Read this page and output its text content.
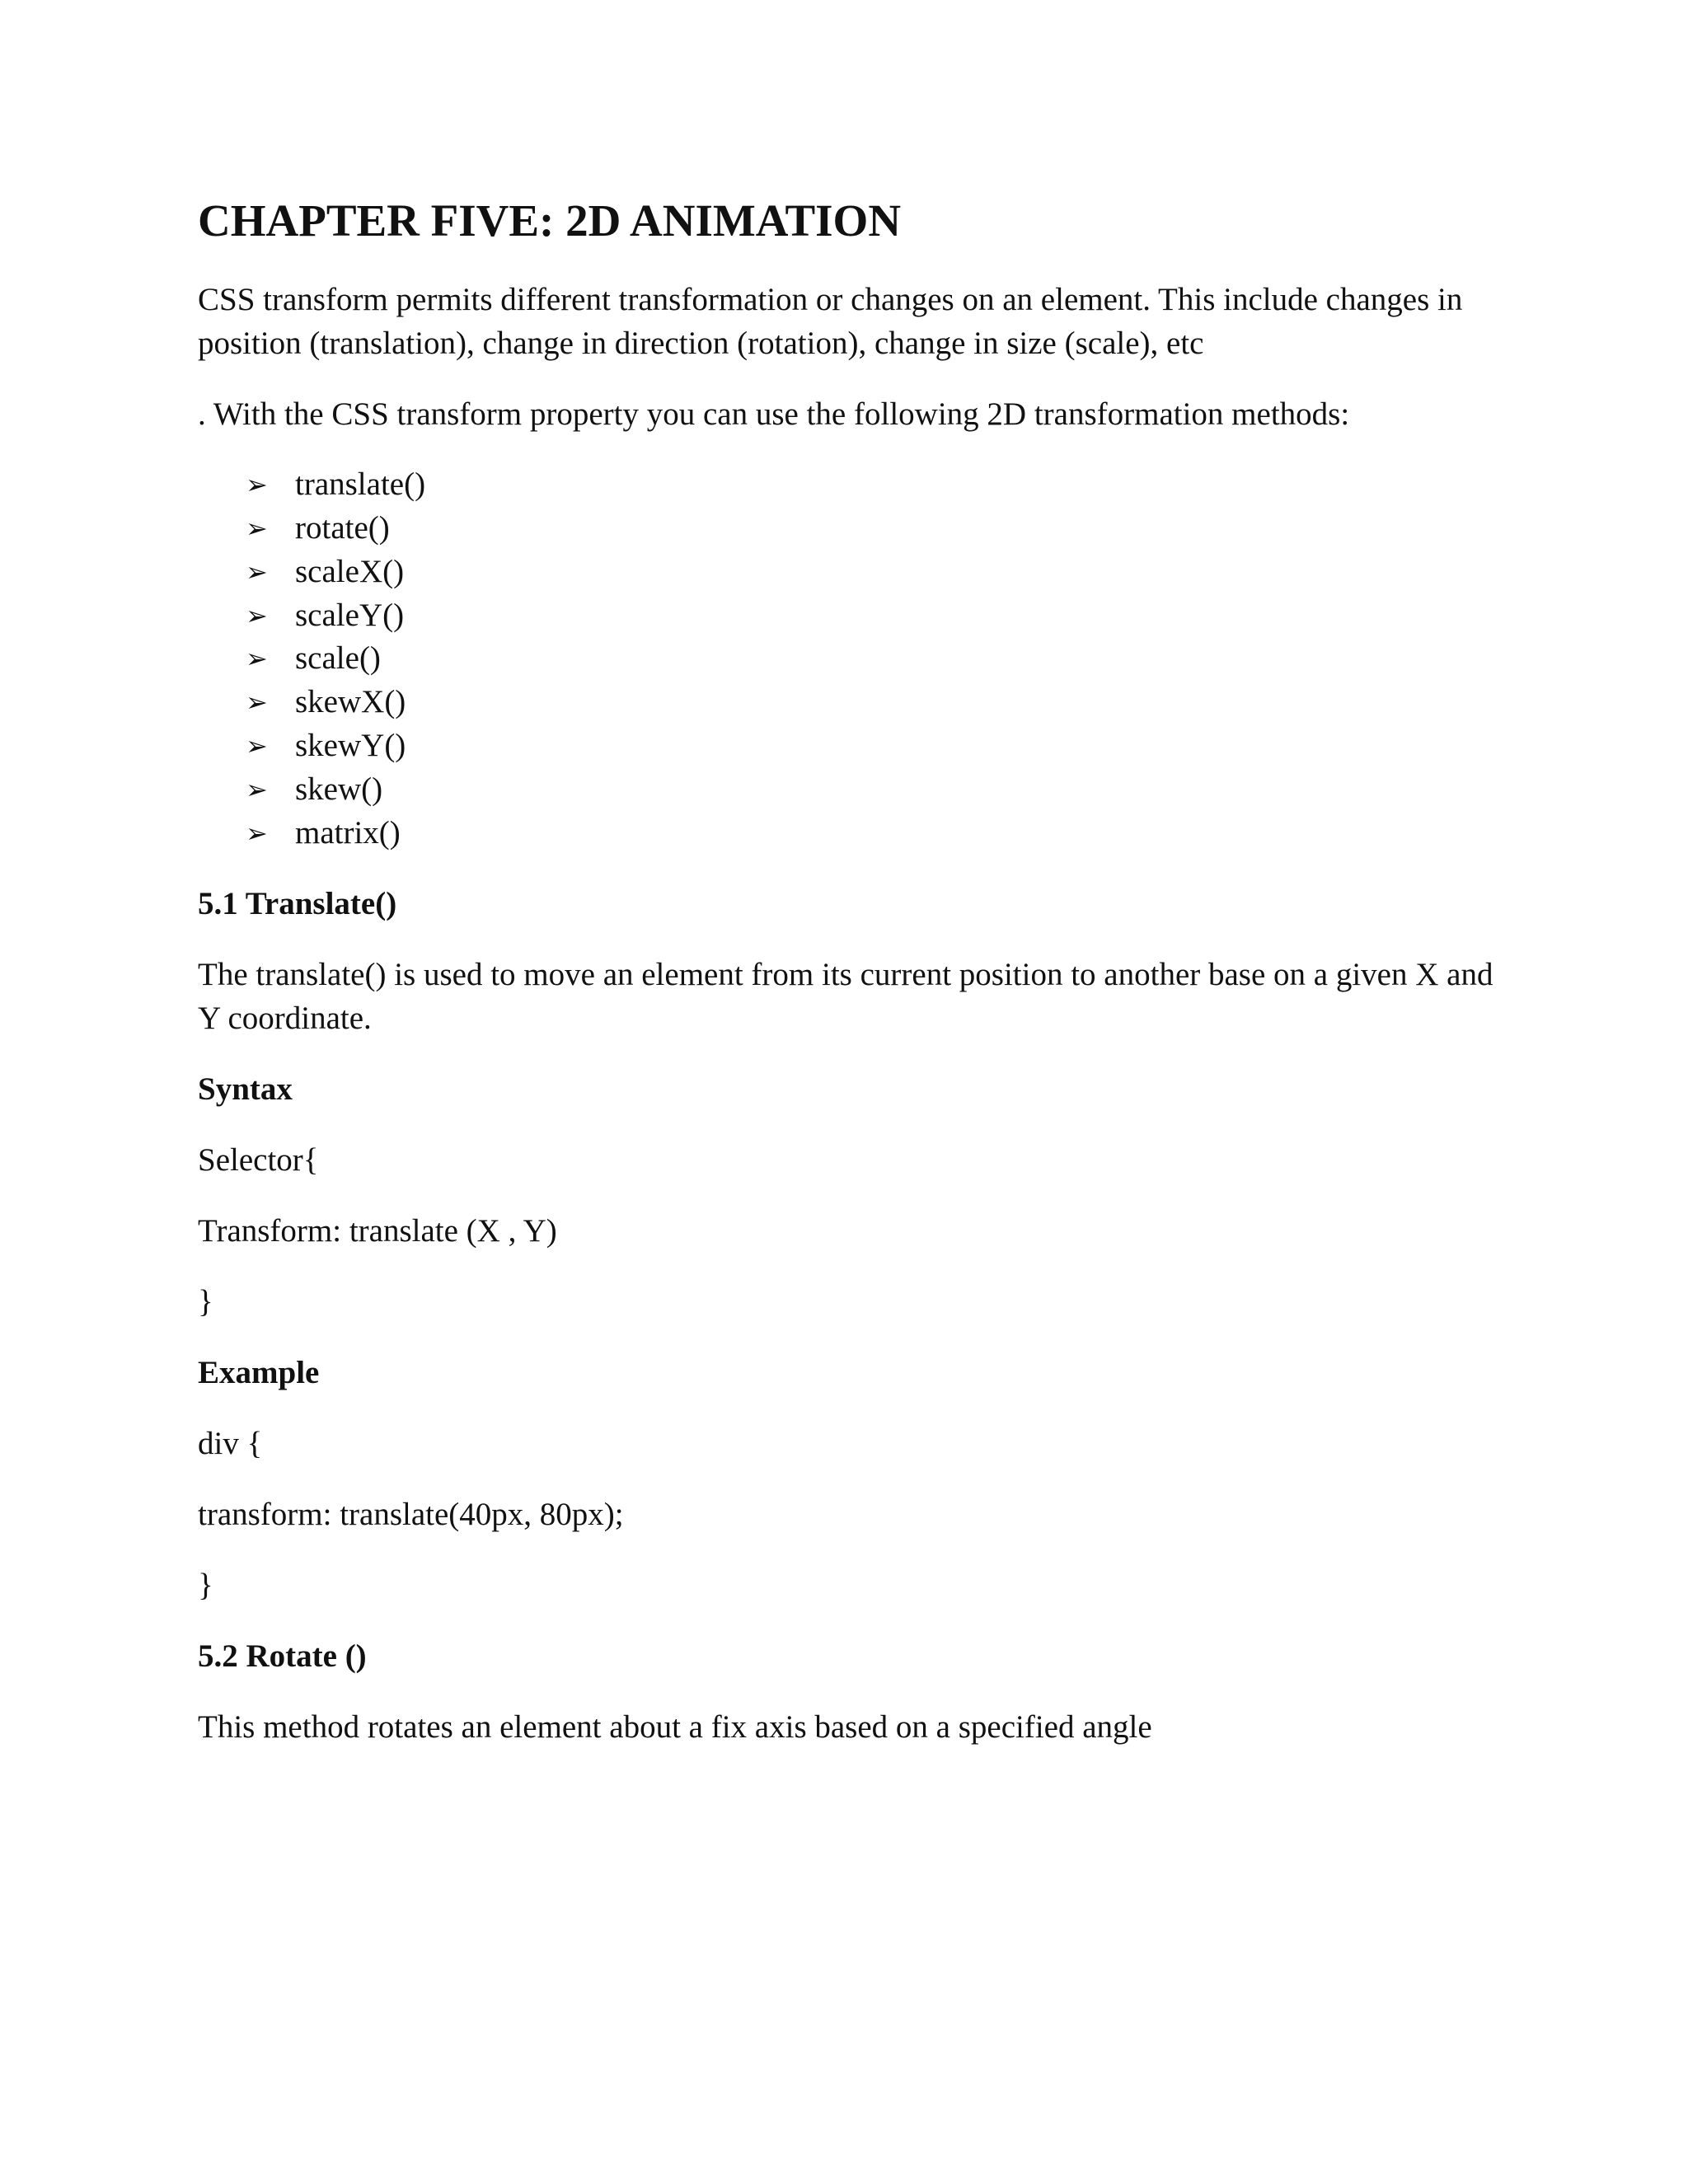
CHAPTER FIVE: 2D ANIMATION

CSS transform permits different transformation or changes on an element. This include changes in position (translation), change in direction (rotation), change in size (scale), etc

. With the CSS transform property you can use the following 2D transformation methods:

➢ translate()
➢ rotate()
➢ scaleX()
➢ scaleY()
➢ scale()
➢ skewX()
➢ skewY()
➢ skew()
➢ matrix()
5.1 Translate()

The translate() is used to move an element from its current position to another base on a given X and Y coordinate.

Syntax

Selector{

Transform: translate (X , Y)

}

Example

div {

transform: translate(40px, 80px);

}

5.2 Rotate ()

This method rotates an element about a fix axis based on a specified angle
